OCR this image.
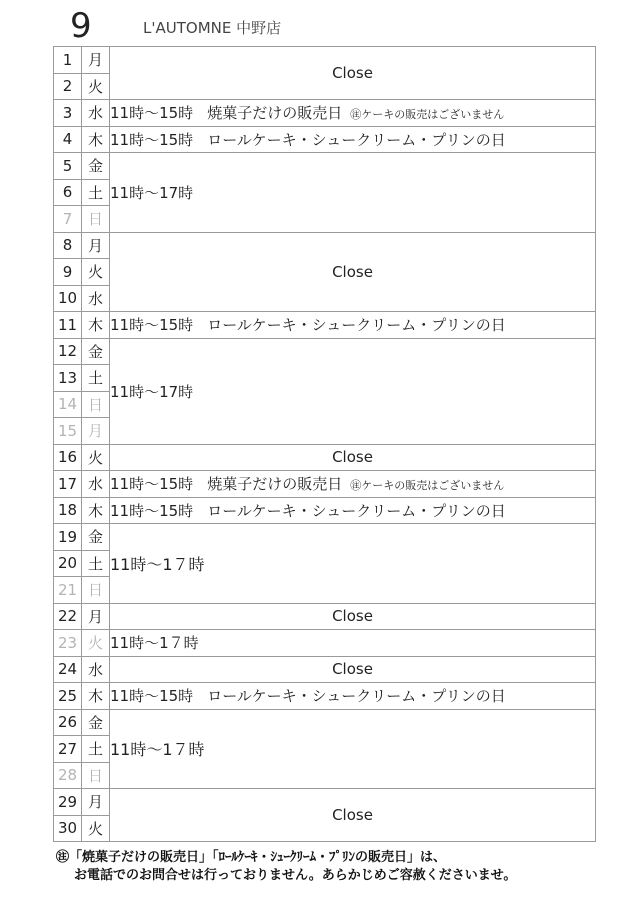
9	L'AUTOMNE 中野店
1	月	Close
2	火	
3	水	11時〜15時 焼菓子だけの販売日 ㊟ケーキの販売はございません
4	木	11時〜15時 ロールケーキ・シュークリーム・プリンの日
5	金	11時〜17時
6	土	
7	日	
8	月	Close
9	火	
10	水	
11	木	11時〜15時 ロールケーキ・シュークリーム・プリンの日
12	金	11時〜17時
13	土	
14	日	
15	月	
16	火	Close
17	水	11時〜15時 焼菓子だけの販売日 ㊟ケーキの販売はございません
18	木	11時〜15時 ロールケーキ・シュークリーム・プリンの日
19	金	11時〜1７時
20	土	
21	日	
22	月	Close
23	火	11時〜1７時
24	水	Close
25	木	11時〜15時 ロールケーキ・シュークリーム・プリンの日
26	金	11時〜1７時
27	土	
28	日	
29	月	Close
30	火	
㊟「焼菓子だけの販売日」「ﾛｰﾙｹｰｷ・ｼｭｰｸﾘｰﾑ・ﾌﾟﾘﾝの販売日」は、
お電話でのお問合せは行っておりません。あらかじめご容赦くださいませ。
